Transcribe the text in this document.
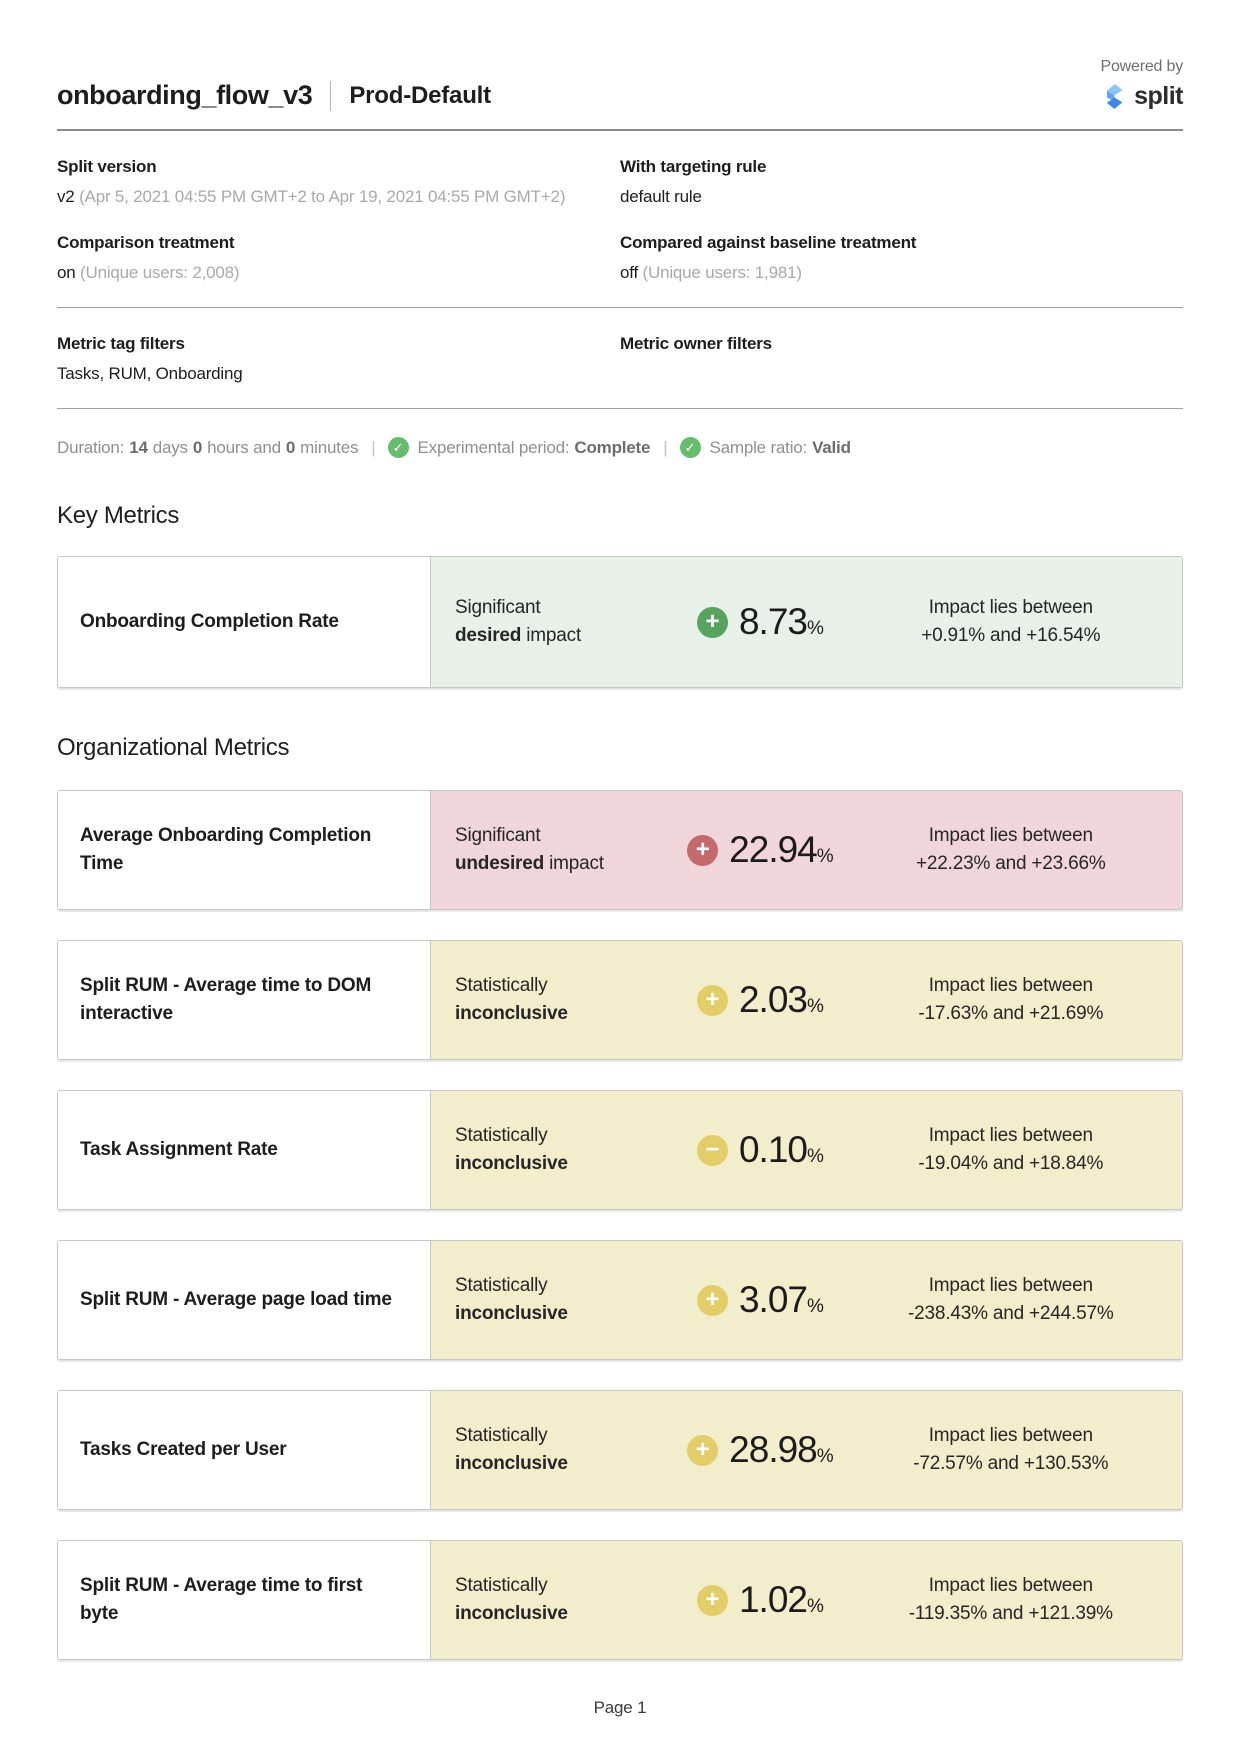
onboarding_flow_v3 Prod-Default
Powered by
split
Split version
v2 (Apr 5, 2021 04:55 PM GMT+2 to Apr 19, 2021 04:55 PM GMT+2)
With targeting rule
default rule
Comparison treatment
on (Unique users: 2,008)
Compared against baseline treatment
off (Unique users: 1,981)
Metric tag filters
Tasks, RUM, Onboarding
Metric owner filters
Duration: 14 days 0 hours and 0 minutes |	✓ Experimental period: Complete |	✓ Sample ratio: Valid
Key Metrics
Onboarding Completion Rate
Significant
desired impact
+ 8.73%
Impact lies between
+0.91% and +16.54%
Organizational Metrics
Average Onboarding Completion Time
Significant
undesired impact
+ 22.94%
Impact lies between
+22.23% and +23.66%
Split RUM - Average time to DOM interactive
Statistically
inconclusive
+ 2.03%
Impact lies between
-17.63% and +21.69%
Task Assignment Rate
Statistically
inconclusive
− 0.10%
Impact lies between
-19.04% and +18.84%
Split RUM - Average page load time
Statistically
inconclusive
+ 3.07%
Impact lies between
-238.43% and +244.57%
Tasks Created per User
Statistically
inconclusive
+ 28.98%
Impact lies between
-72.57% and +130.53%
Split RUM - Average time to first byte
Statistically
inconclusive
+ 1.02%
Impact lies between
-119.35% and +121.39%
Page 1
